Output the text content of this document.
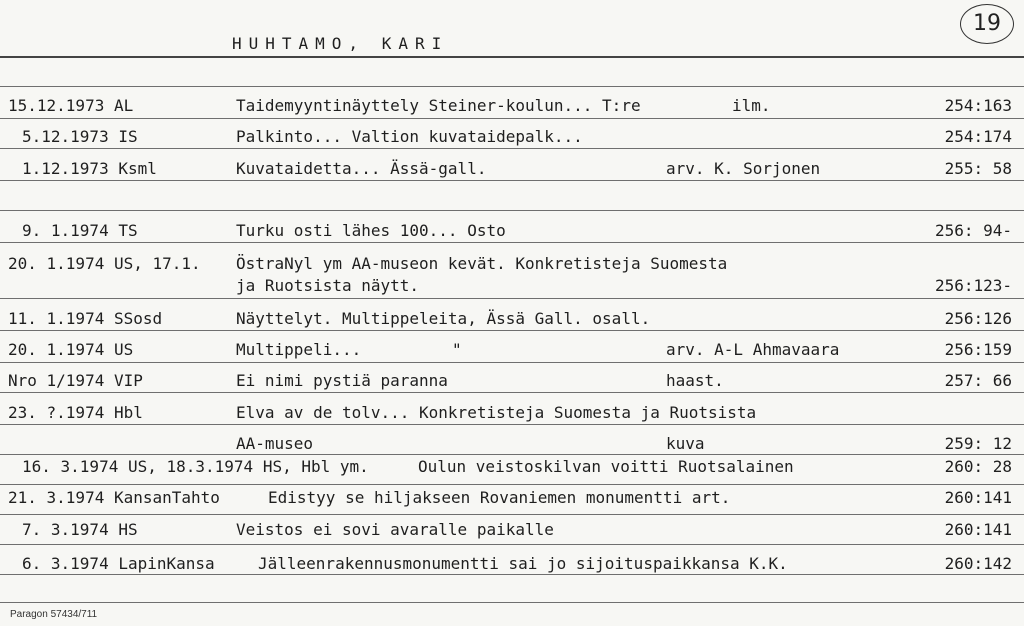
HUHTAMO, KARI
19
15.12.1973 AL	Taidemyyntinäyttely Steiner-koulun... T:re	ilm.	254:163
5.12.1973 IS	Palkinto... Valtion kuvataidepalk...	254:174
1.12.1973 Ksml	Kuvataidetta... Ässä-gall.	arv. K. Sorjonen	255: 58
9. 1.1974 TS	Turku osti lähes 100... Osto	256: 94-
20. 1.1974 US, 17.1. ÖstraNyl ym AA-museon kevät. Konkretisteja Suomesta
ja Ruotsista näytt.	256:123-
11. 1.1974 SSosd	Näyttelyt. Multippeleita, Ässä Gall. osall.	256:126
20. 1.1974 US	Multippeli...	"	arv. A-L Ahmavaara	256:159
Nro 1/1974 VIP	Ei nimi pystiä paranna	haast.	257: 66
23. ?.1974 Hbl	Elva av de tolv... Konkretisteja Suomesta ja Ruotsista
AA-museo	kuva	259: 12
16. 3.1974 US, 18.3.1974 HS, Hbl ym.	Oulun veistoskilvan voitti Ruotsalainen	260: 28
21. 3.1974 KansanTahto	Edistyy se hiljakseen Rovaniemen monumentti art.	260:141
7. 3.1974 HS	Veistos ei sovi avaralle paikalle	260:141
6. 3.1974 LapinKansa	Jälleenrakennusmonumentti sai jo sijoituspaikkansa K.K.	260:142
Paragon 57434/711
